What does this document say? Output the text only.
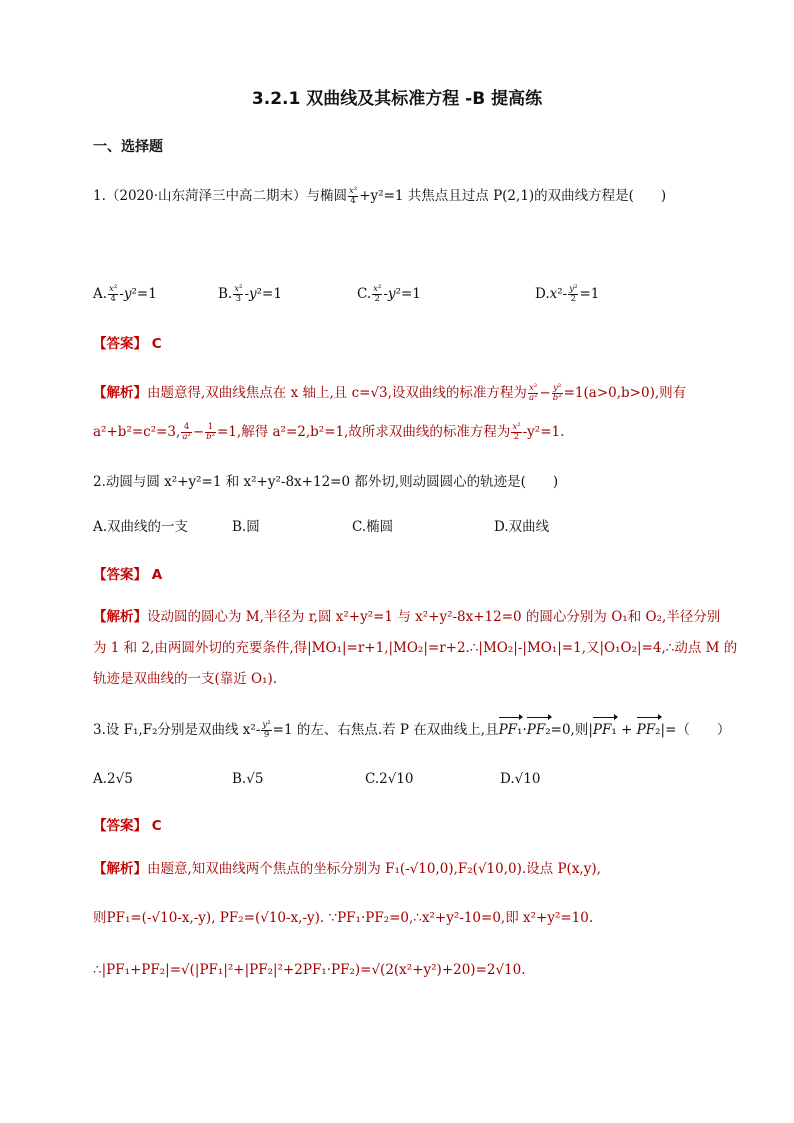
3.2.1 双曲线及其标准方程 -B 提高练
一、选择题
1.（2020·山东菏泽三中高二期末）与椭圆 $\frac{\text{x²}}{4} +y^2=1$ 共焦点且过点 P(2,1)的双曲线方程是(　　)
A. $\frac{\text{x²}}{4} -y^2=1$	B. $\frac{\text{x²}}{3} -y^2=1$	C. $\frac{\text{x²}}{2} -y^2=1$	$D.x^2- \frac{\text{y²}}{2} =1$
【答案】 C
【解析】由题意得,双曲线焦点在 x 轴上,且 c=√3,设双曲线的标准方程为 $\frac{\text{x²}}{\text{a²}} - \frac{\text{y²}}{\text{b²}} =1(a>0,b>0)$,则有
a²+b²=c²=3, $\frac{4}{\text{a²}} - \frac{1}{\text{b²}} =1$,解得 a²=2,b²=1,故所求双曲线的标准方程为 $\frac{\text{x²}}{2} -y^2=1$.
2.动圆与圆 x²+y²=1 和 x²+y²-8x+12=0 都外切,则动圆圆心的轨迹是(　　)
A.双曲线的一支	B.圆	C.椭圆	D.双曲线
【答案】 A
【解析】设动圆的圆心为 M,半径为 r,圆 x²+y²=1 与 x²+y²-8x+12=0 的圆心分别为 O₁和 O₂,半径分别
为 1 和 2,由两圆外切的充要条件,得|MO₁|=r+1,|MO₂|=r+2.∴|MO₂|-|MO₁|=1,又|O₁O₂|=4,∴动点 M 的
轨迹是双曲线的一支(靠近 O₁).
3.设 F₁,F₂分别是双曲线 $x^2- \frac{\text{y²}}{9} =1$ 的左、右焦点.若 P 在双曲线上,且PF₁·PF₂=0,则|PF₁ + PF₂|=（　　）
A.2√5	B.√5	C.2√10	D.√10
【答案】 C
【解析】由题意,知双曲线两个焦点的坐标分别为 F₁(-√10,0),F₂(√10,0).设点 P(x,y),
则PF₁=(-√10-x,-y), PF₂=(√10-x,-y). ∵PF₁·PF₂=0,∴x²+y²-10=0,即 x²+y²=10.
∴|PF₁+PF₂|=√(|PF₁|²+|PF₂|²+2PF₁·PF₂)=√(2(x²+y²)+20)=2√10.
